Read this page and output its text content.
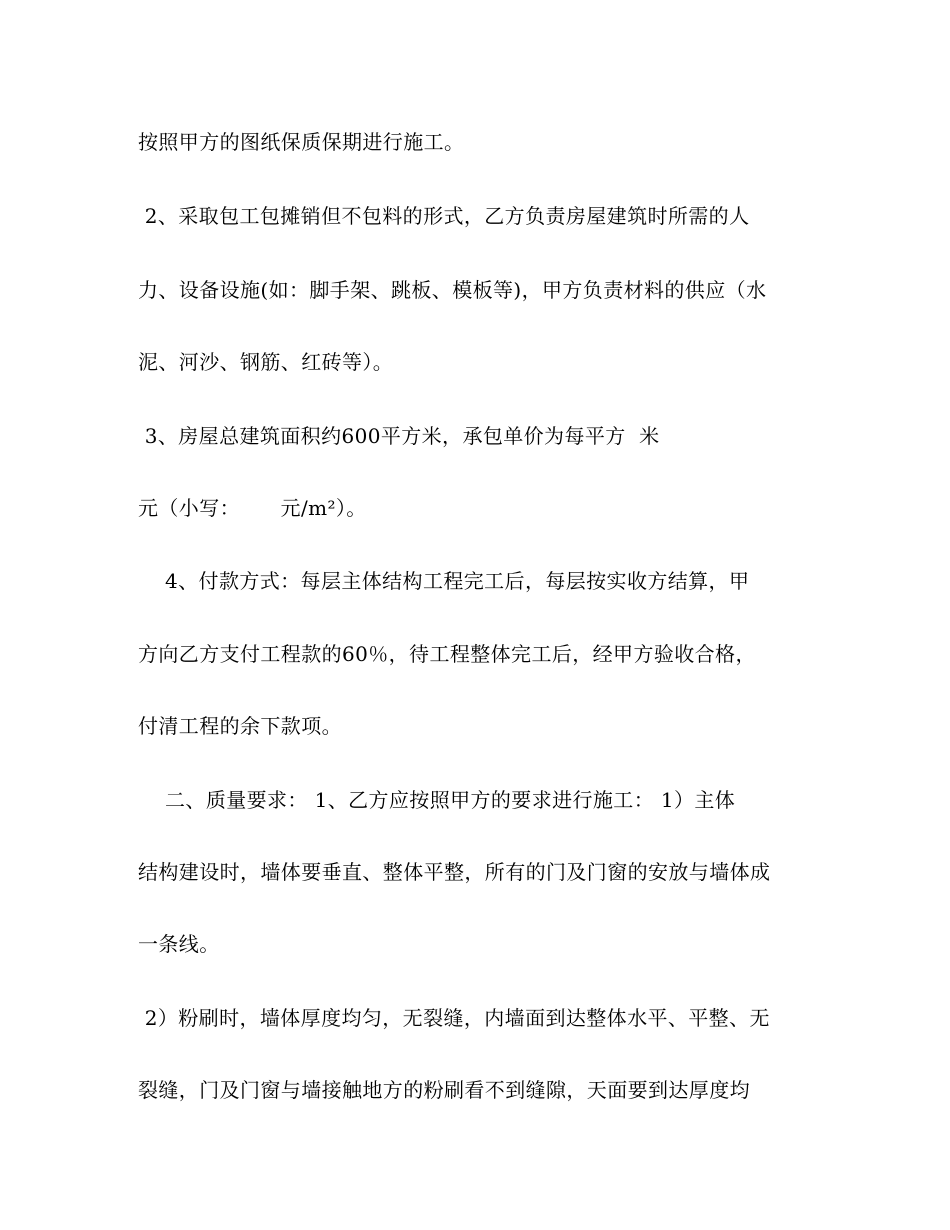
按照甲方的图纸保质保期进行施工。
2、采取包工包摊销但不包料的形式，乙方负责房屋建筑时所需的人
力、设备设施(如：脚手架、跳板、模板等)，甲方负责材料的供应（水
泥、河沙、钢筋、红砖等）。
3、房屋总建筑面积约600平方米，承包单价为每平方  米
元（小写：      元/m²）。
4、付款方式：每层主体结构工程完工后，每层按实收方结算，甲
方向乙方支付工程款的60％，待工程整体完工后，经甲方验收合格，
付清工程的余下款项。
二、质量要求： 1、乙方应按照甲方的要求进行施工： 1）主体
结构建设时，墙体要垂直、整体平整，所有的门及门窗的安放与墙体成
一条线。
2）粉刷时，墙体厚度均匀，无裂缝，内墙面到达整体水平、平整、无
裂缝，门及门窗与墙接触地方的粉刷看不到缝隙，天面要到达厚度均
